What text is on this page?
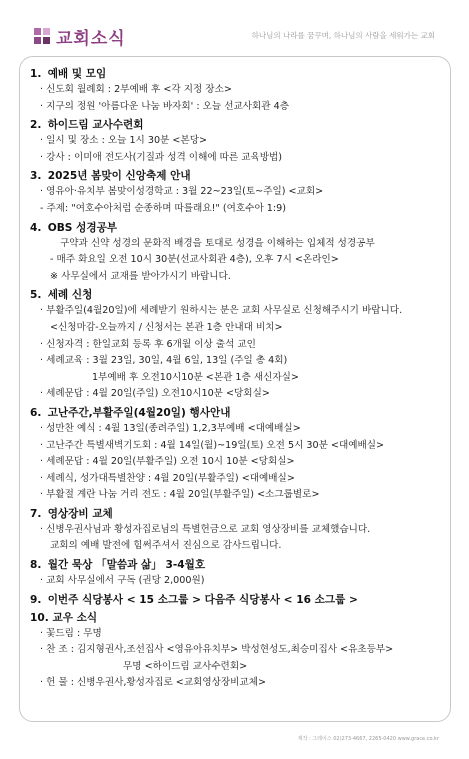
교회소식	하나님의 나라를 꿈꾸며, 하나님의 사람을 세워가는 교회
1. 예배 및 모임
· 신도회 월례회 : 2부예배 후 <각 지정 장소>
· 지구의 정원 '아름다운 나눔 바자회' : 오늘 선교사회관 4층
2. 하이드림 교사수련회
· 일시 및 장소 : 오늘 1시 30분 <본당>
· 강사 : 이미애 전도사(기질과 성격 이해에 따른 교육방법)
3. 2025년 봄맞이 신앙축제 안내
· 영유아·유치부 봄맞이성경학교 : 3월 22~23일(토~주일) <교회>
- 주제: "여호수아처럼 순종하며 따를래요!" (여호수아 1:9)
4. OBS 성경공부
구약과 신약 성경의 문화적 배경을 토대로 성경을 이해하는 입체적 성경공부
- 매주 화요일 오전 10시 30분(선교사회관 4층), 오후 7시 <온라인>
※ 사무실에서 교재를 받아가시기 바랍니다.
5. 세례 신청
· 부활주일(4월20일)에 세례받기 원하시는 분은 교회 사무실로 신청해주시기 바랍니다.
<신청마감-오늘까지 / 신청서는 본관 1층 안내대 비치>
· 신청자격 : 한일교회 등록 후 6개월 이상 출석 교인
· 세례교육 : 3월 23일, 30일, 4월 6일, 13일 (주일 총 4회)
1부예배 후 오전10시10분 <본관 1층 새신자실>
· 세례문답 : 4월 20일(주일) 오전10시10분 <당회실>
6. 고난주간,부활주일(4월20일) 행사안내
· 성만찬 예식 : 4월 13일(종려주일) 1,2,3부예배 <대예배실>
· 고난주간 특별새벽기도회 : 4월 14일(월)~19일(토) 오전 5시 30분 <대예배실>
· 세례문답 : 4월 20일(부활주일) 오전 10시 10분 <당회실>
· 세례식, 성가대특별찬양 : 4월 20일(부활주일) <대예배실>
· 부활절 계란 나눔 거리 전도 : 4월 20일(부활주일) <소그룹별로>
7. 영상장비 교체
· 신병우권사님과 황성자집로님의 특별헌금으로 교회 영상장비를 교체했습니다.
교회의 예배 발전에 힘써주셔서 진심으로 감사드립니다.
8. 월간 묵상 「말씀과 삶」 3-4월호
· 교회 사무실에서 구독 (권당 2,000원)
9. 이번주 식당봉사 < 15 소그룹 > 다음주 식당봉사 < 16 소그룹 >
10. 교우 소식
· 꽃드림 : 무명
· 찬 조 : 김지형권사,조선집사 <영유아유치부> 박성현성도,최승미집사 <유초등부>
무명 <하이드림 교사수련회>
· 헌 물 : 신병우권사,황성자집로 <교회영상장비교체>
제작 : 그레이스 02)273-4667, 2265-0420 www.grace.co.kr
